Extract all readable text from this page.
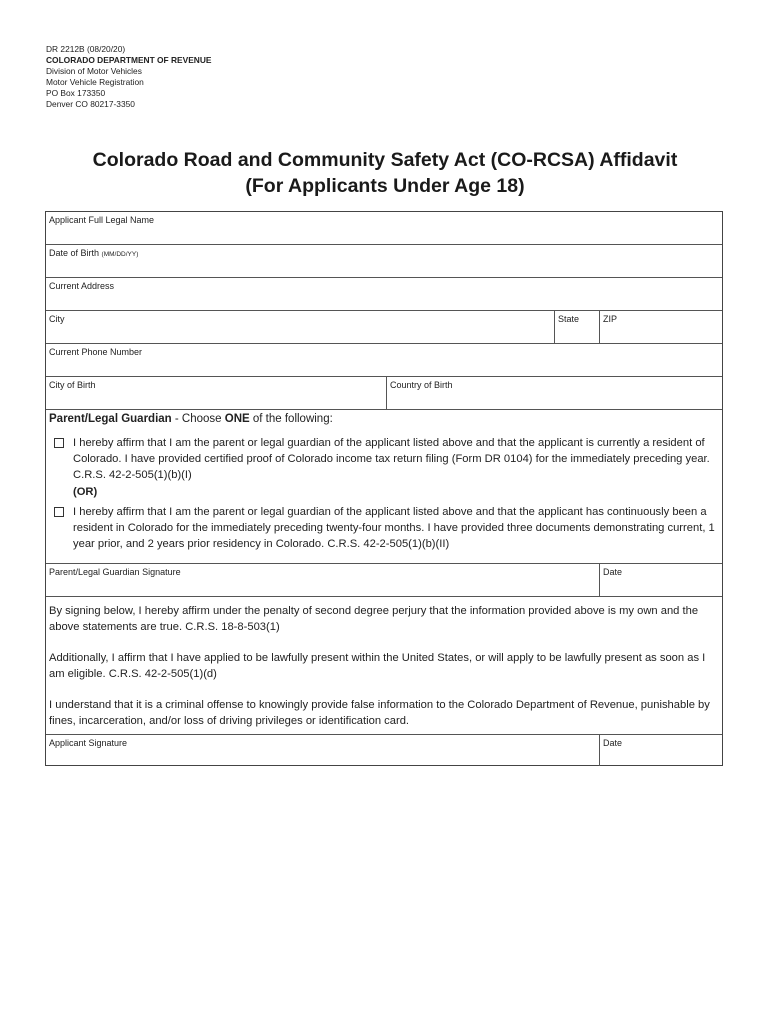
DR 2212B (08/20/20)
COLORADO DEPARTMENT OF REVENUE
Division of Motor Vehicles
Motor Vehicle Registration
PO Box 173350
Denver CO 80217-3350
Colorado Road and Community Safety Act (CO-RCSA) Affidavit
(For Applicants Under Age 18)
Applicant Full Legal Name
Date of Birth (MM/DD/YY)
Current Address
City	State	ZIP
Current Phone Number
City of Birth	Country of Birth
Parent/Legal Guardian - Choose ONE of the following:
I hereby affirm that I am the parent or legal guardian of the applicant listed above and that the applicant is currently a resident of Colorado. I have provided certified proof of Colorado income tax return filing (Form DR 0104) for the immediately preceding year. C.R.S. 42-2-505(1)(b)(I)
(OR)
I hereby affirm that I am the parent or legal guardian of the applicant listed above and that the applicant has continuously been a resident in Colorado for the immediately preceding twenty-four months. I have provided three documents demonstrating current, 1 year prior, and 2 years prior residency in Colorado. C.R.S. 42-2-505(1)(b)(II)
Parent/Legal Guardian Signature	Date
By signing below, I hereby affirm under the penalty of second degree perjury that the information provided above is my own and the above statements are true. C.R.S. 18-8-503(1)
Additionally, I affirm that I have applied to be lawfully present within the United States, or will apply to be lawfully present as soon as I am eligible. C.R.S. 42-2-505(1)(d)
I understand that it is a criminal offense to knowingly provide false information to the Colorado Department of Revenue, punishable by fines, incarceration, and/or loss of driving privileges or identification card.
Applicant Signature	Date
